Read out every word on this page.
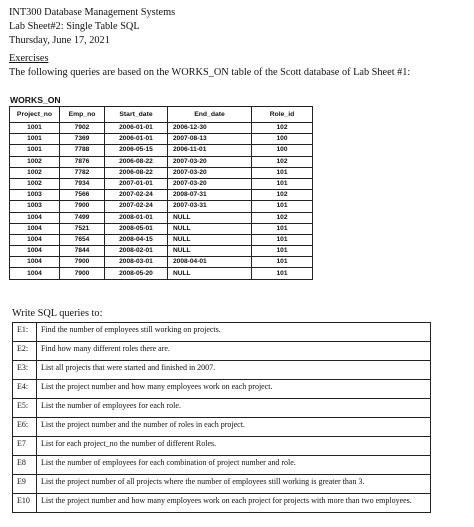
INT300 Database Management Systems
Lab Sheet#2: Single Table SQL
Thursday, June 17, 2021
Exercises
The following queries are based on the WORKS_ON table of the Scott database of Lab Sheet #1:
WORKS_ON
Project_no	Emp_no	Start_date	End_date	Role_id
1001	7902	2006-01-01	2006-12-30	102
1001	7369	2006-01-01	2007-08-13	100
1001	7788	2006-05-15	2006-11-01	100
1002	7876	2006-08-22	2007-03-20	102
1002	7782	2006-08-22	2007-03-20	101
1002	7934	2007-01-01	2007-03-20	101
1003	7566	2007-02-24	2008-07-31	102
1003	7900	2007-02-24	2007-03-31	101
1004	7499	2008-01-01	NULL	102
1004	7521	2008-05-01	NULL	101
1004	7654	2008-04-15	NULL	101
1004	7844	2008-02-01	NULL	101
1004	7900	2008-03-01	2008-04-01	101
1004	7900	2008-05-20	NULL	101
Write SQL queries to:
E1:	Find the number of employees still working on projects.
E2:	Find how many different roles there are.
E3:	List all projects that were started and finished in 2007.
E4:	List the project number and how many employees work on each project.
E5:	List the number of employees for each role.
E6:	List the project number and the number of roles in each project.
E7	List for each project_no the number of different Roles.
E8	List the number of employees for each combination of project number and role.
E9	List the project number of all projects where the number of employees still working is greater than 3.
E10	List the project number and how many employees work on each project for projects with more than two employees.
